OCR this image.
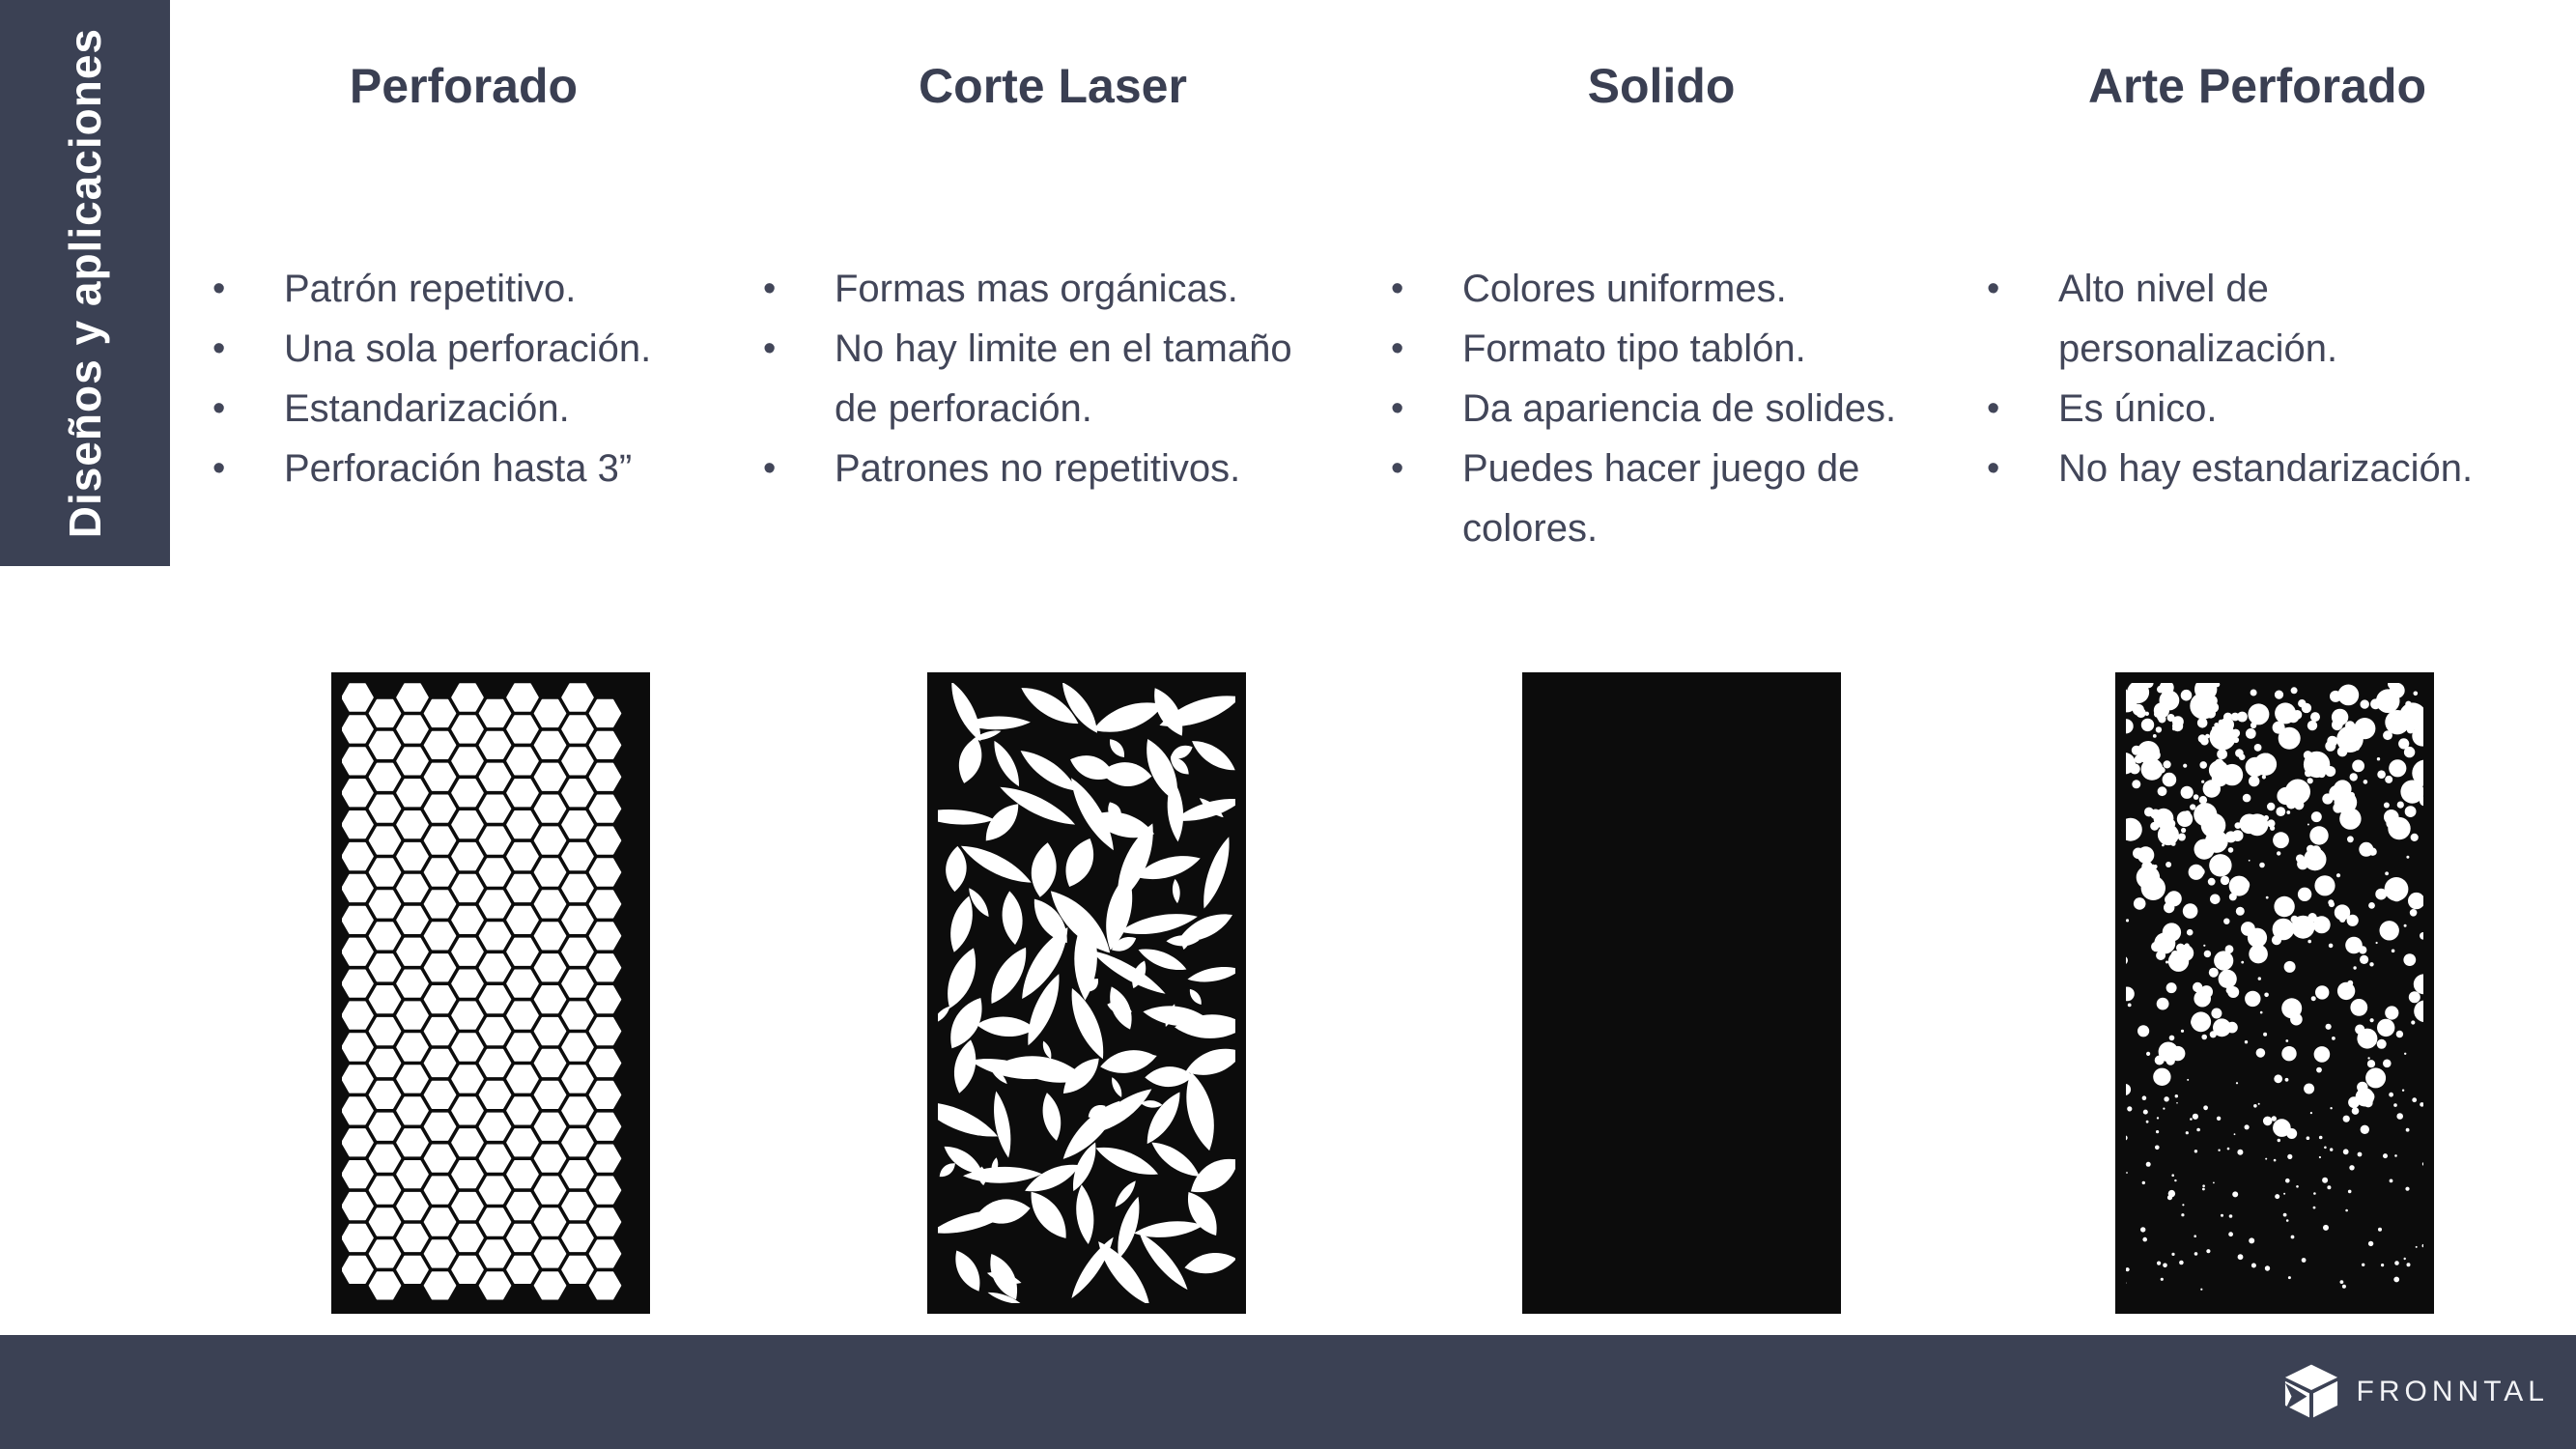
Diseños y aplicaciones	Perforado
• Patrón repetitivo.
• Una sola perforación.
• Estandarización.
• Perforación hasta 3”
Corte Laser
• Formas mas orgánicas.
• No hay limite en el tamaño de perforación.
• Patrones no repetitivos.
Solido
• Colores uniformes.
• Formato tipo tablón.
• Da apariencia de solides.
• Puedes hacer juego de colores.
Arte Perforado
• Alto nivel de personalización.
• Es único.
• No hay estandarización.
FRONNTAL
